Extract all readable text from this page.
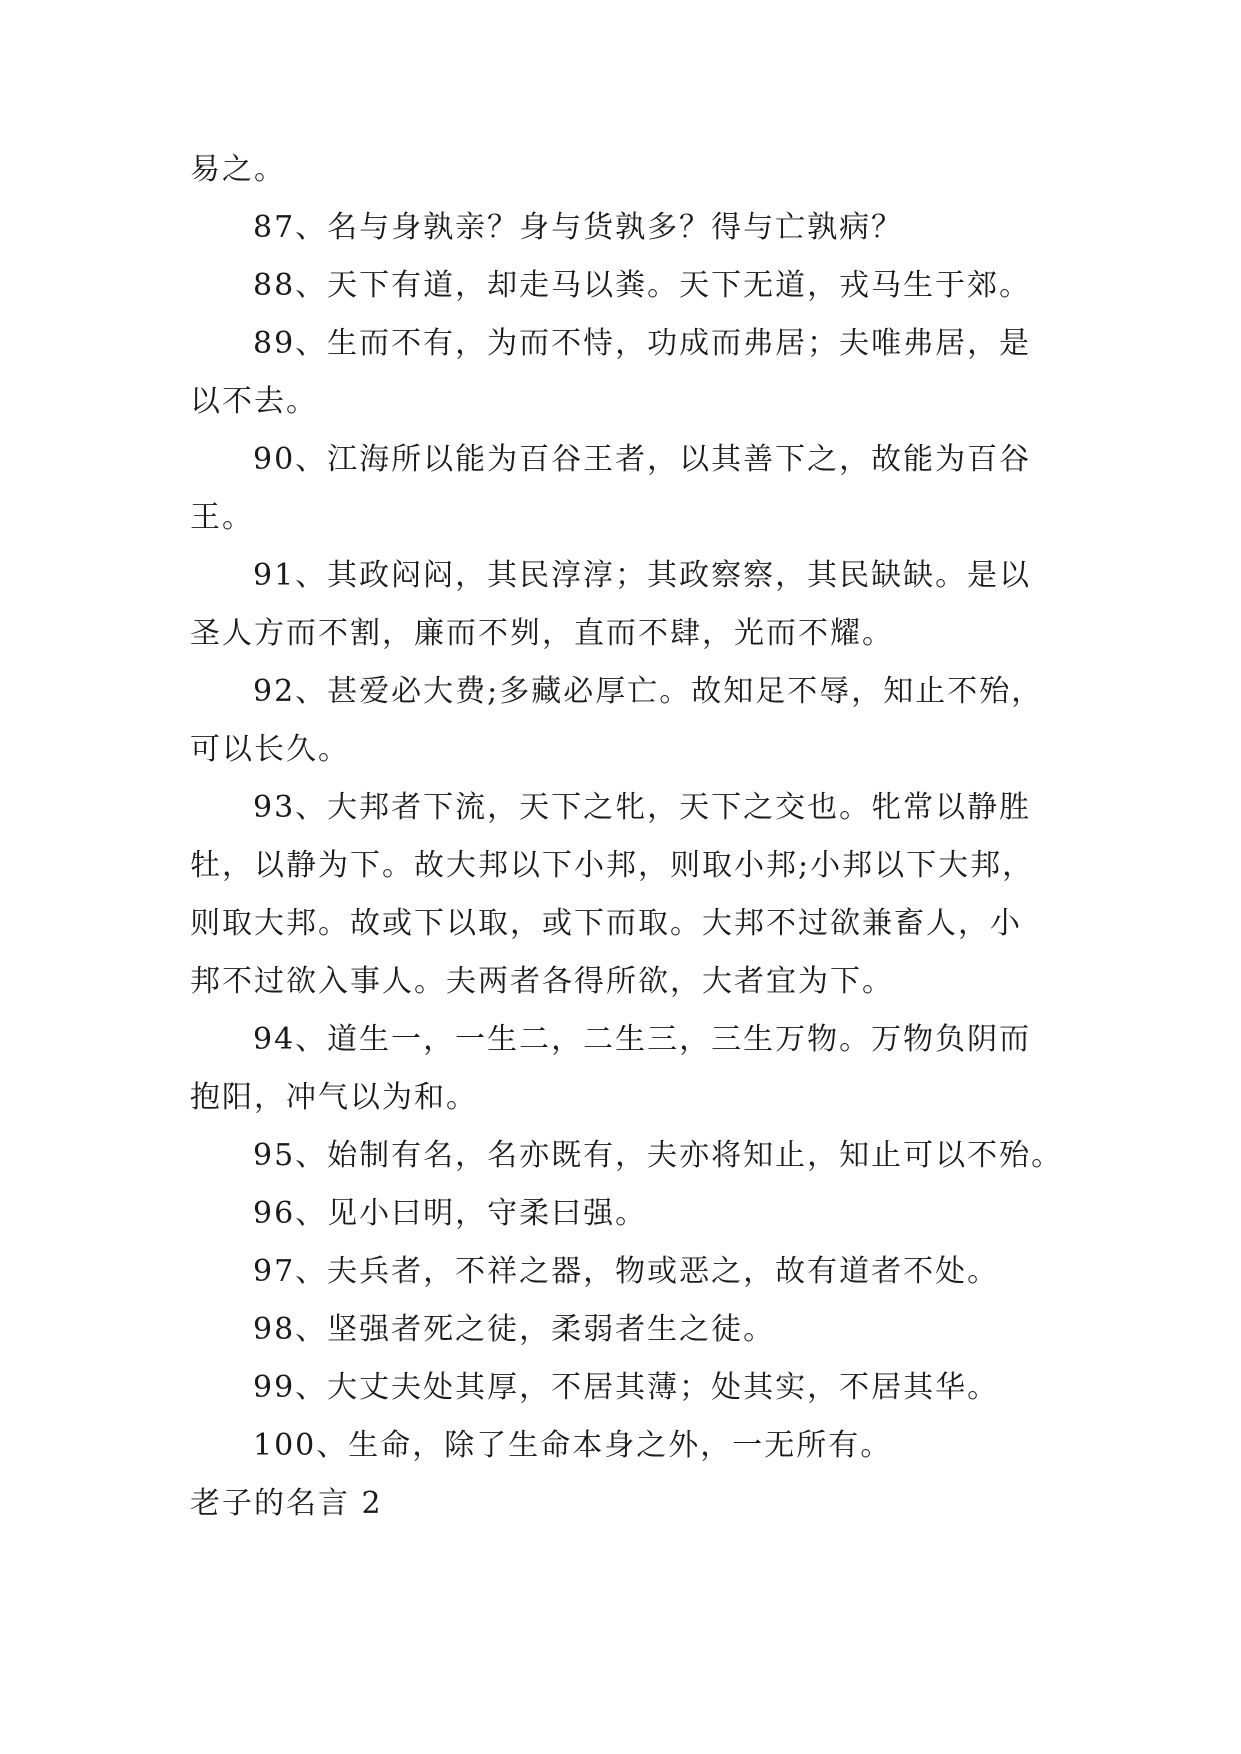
易之。
87、名与身孰亲？身与货孰多？得与亡孰病？
88、天下有道，却走马以粪。天下无道，戎马生于郊。
89、生而不有，为而不恃，功成而弗居；夫唯弗居，是
以不去。
90、江海所以能为百谷王者，以其善下之，故能为百谷
王。
91、其政闷闷，其民淳淳；其政察察，其民缺缺。是以
圣人方而不割，廉而不刿，直而不肆，光而不耀。
92、甚爱必大费;多藏必厚亡。故知足不辱，知止不殆，
可以长久。
93、大邦者下流，天下之牝，天下之交也。牝常以静胜
牡，以静为下。故大邦以下小邦，则取小邦;小邦以下大邦，
则取大邦。故或下以取，或下而取。大邦不过欲兼畜人，小
邦不过欲入事人。夫两者各得所欲，大者宜为下。
94、道生一，一生二，二生三，三生万物。万物负阴而
抱阳，冲气以为和。
95、始制有名，名亦既有，夫亦将知止，知止可以不殆。
96、见小曰明，守柔曰强。
97、夫兵者，不祥之器，物或恶之，故有道者不处。
98、坚强者死之徒，柔弱者生之徒。
99、大丈夫处其厚，不居其薄；处其实，不居其华。
100、生命，除了生命本身之外，一无所有。
老子的名言 2
